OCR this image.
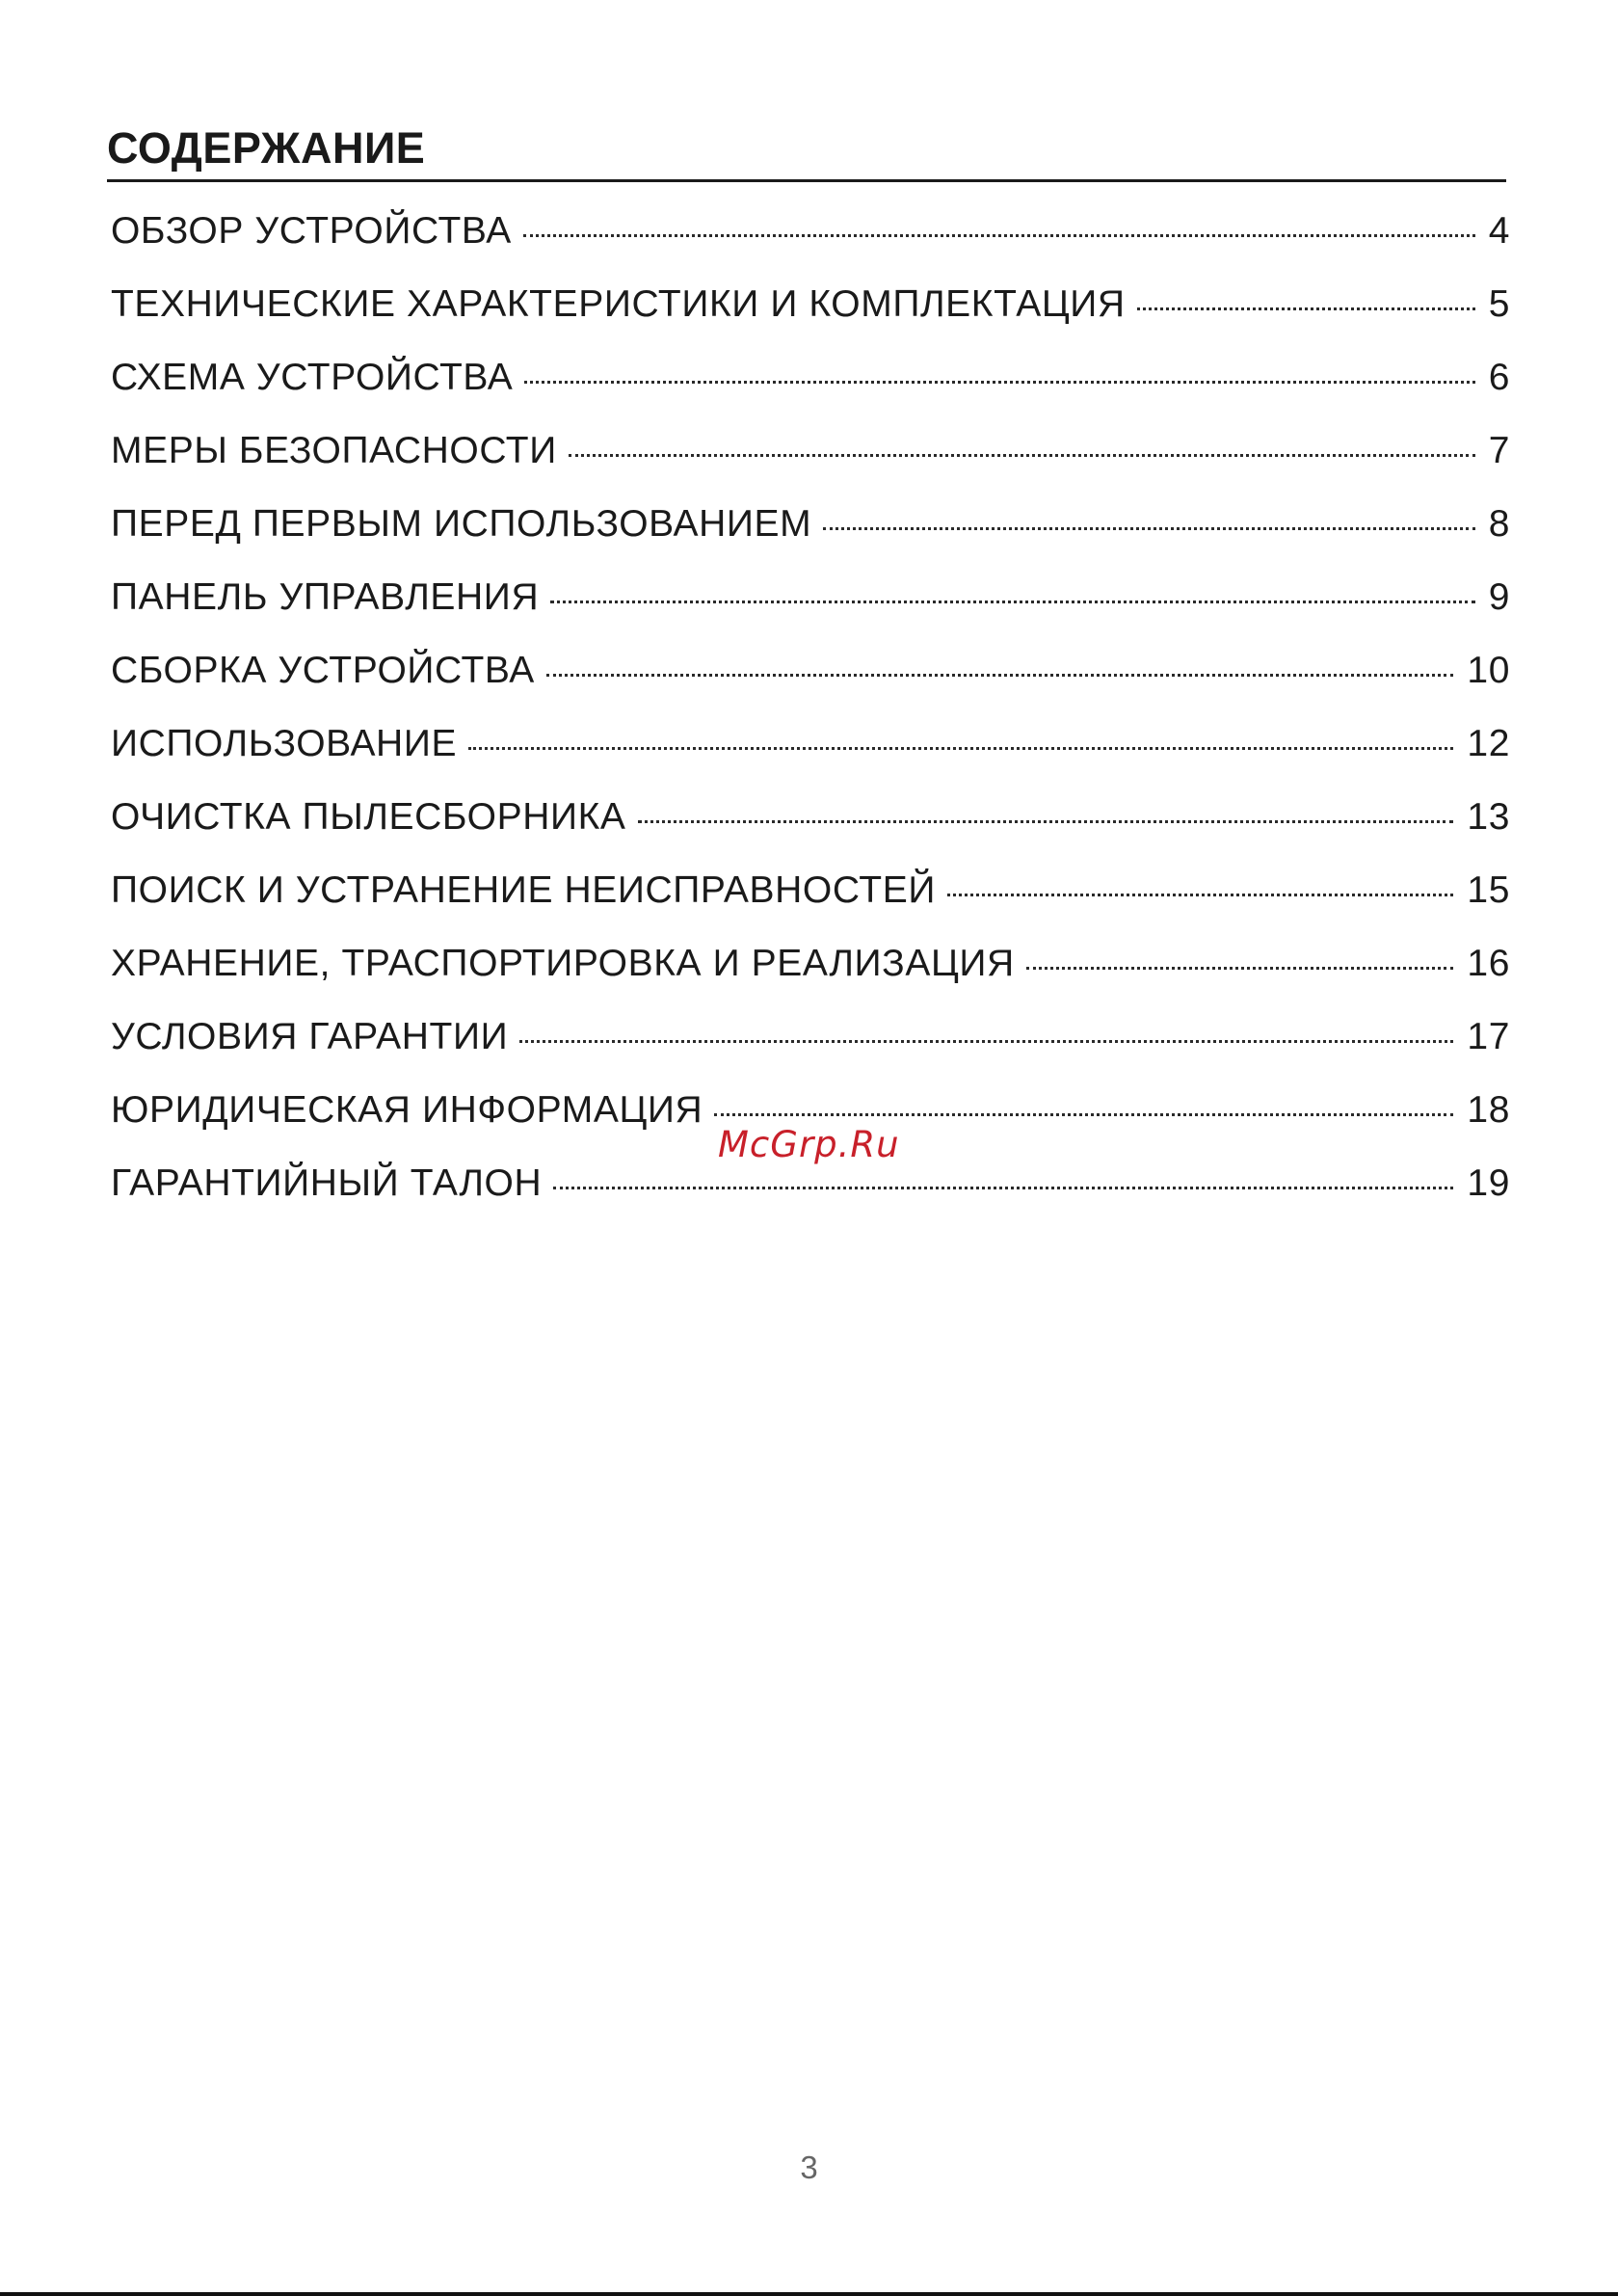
СОДЕРЖАНИЕ
ОБЗОР УСТРОЙСТВА	4
ТЕХНИЧЕСКИЕ ХАРАКТЕРИСТИКИ И КОМПЛЕКТАЦИЯ	5
СХЕМА УСТРОЙСТВА	6
МЕРЫ БЕЗОПАСНОСТИ	7
ПЕРЕД ПЕРВЫМ ИСПОЛЬЗОВАНИЕМ	8
ПАНЕЛЬ УПРАВЛЕНИЯ	9
СБОРКА УСТРОЙСТВА	10
ИСПОЛЬЗОВАНИЕ	12
ОЧИСТКА ПЫЛЕСБОРНИКА	13
ПОИСК И УСТРАНЕНИЕ НЕИСПРАВНОСТЕЙ	15
ХРАНЕНИЕ, ТРАСПОРТИРОВКА И РЕАЛИЗАЦИЯ	16
УСЛОВИЯ ГАРАНТИИ	17
ЮРИДИЧЕСКАЯ ИНФОРМАЦИЯ	18
ГАРАНТИЙНЫЙ ТАЛОН	19
McGrp.Ru
3
